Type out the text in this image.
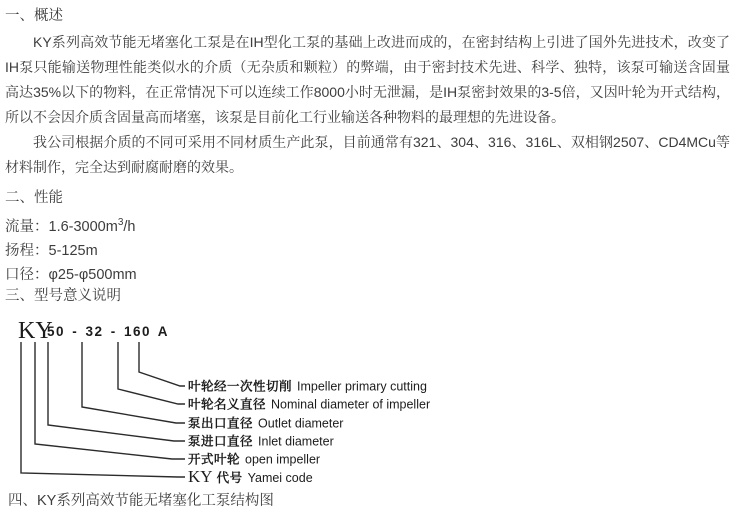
一、概述

KY系列高效节能无堵塞化工泵是在IH型化工泵的基础上改进而成的，在密封结构上引进了国外先进技术，改变了IH泵只能输送物理性能类似水的介质（无杂质和颗粒）的弊端，由于密封技术先进、科学、独特，该泵可输送含固量高达35%以下的物料，在正常情况下可以连续工作8000小时无泄漏，是IH泵密封效果的3-5倍，又因叶轮为开式结构，所以不会因介质含固量高而堵塞，该泵是目前化工行业输送各种物料的最理想的先进设备。

我公司根据介质的不同可采用不同材质生产此泵，目前通常有321、304、316、316L、双相钢2507、CD4MCu等材料制作，完全达到耐腐耐磨的效果。

二、性能
流量：$1.6-3000m^3/h$
扬程：5-125m
口径：φ25-φ500mm
三、型号意义说明
KY
50 - 32 - 160 A
叶轮经一次性切削 Impeller primary cutting
叶轮名义直径 Nominal diameter of impeller
泵出口直径 Outlet diameter
泵进口直径 Inlet diameter
开式叶轮 open impeller
KY 代号 Yamei code
四、KY系列高效节能无堵塞化工泵结构图
